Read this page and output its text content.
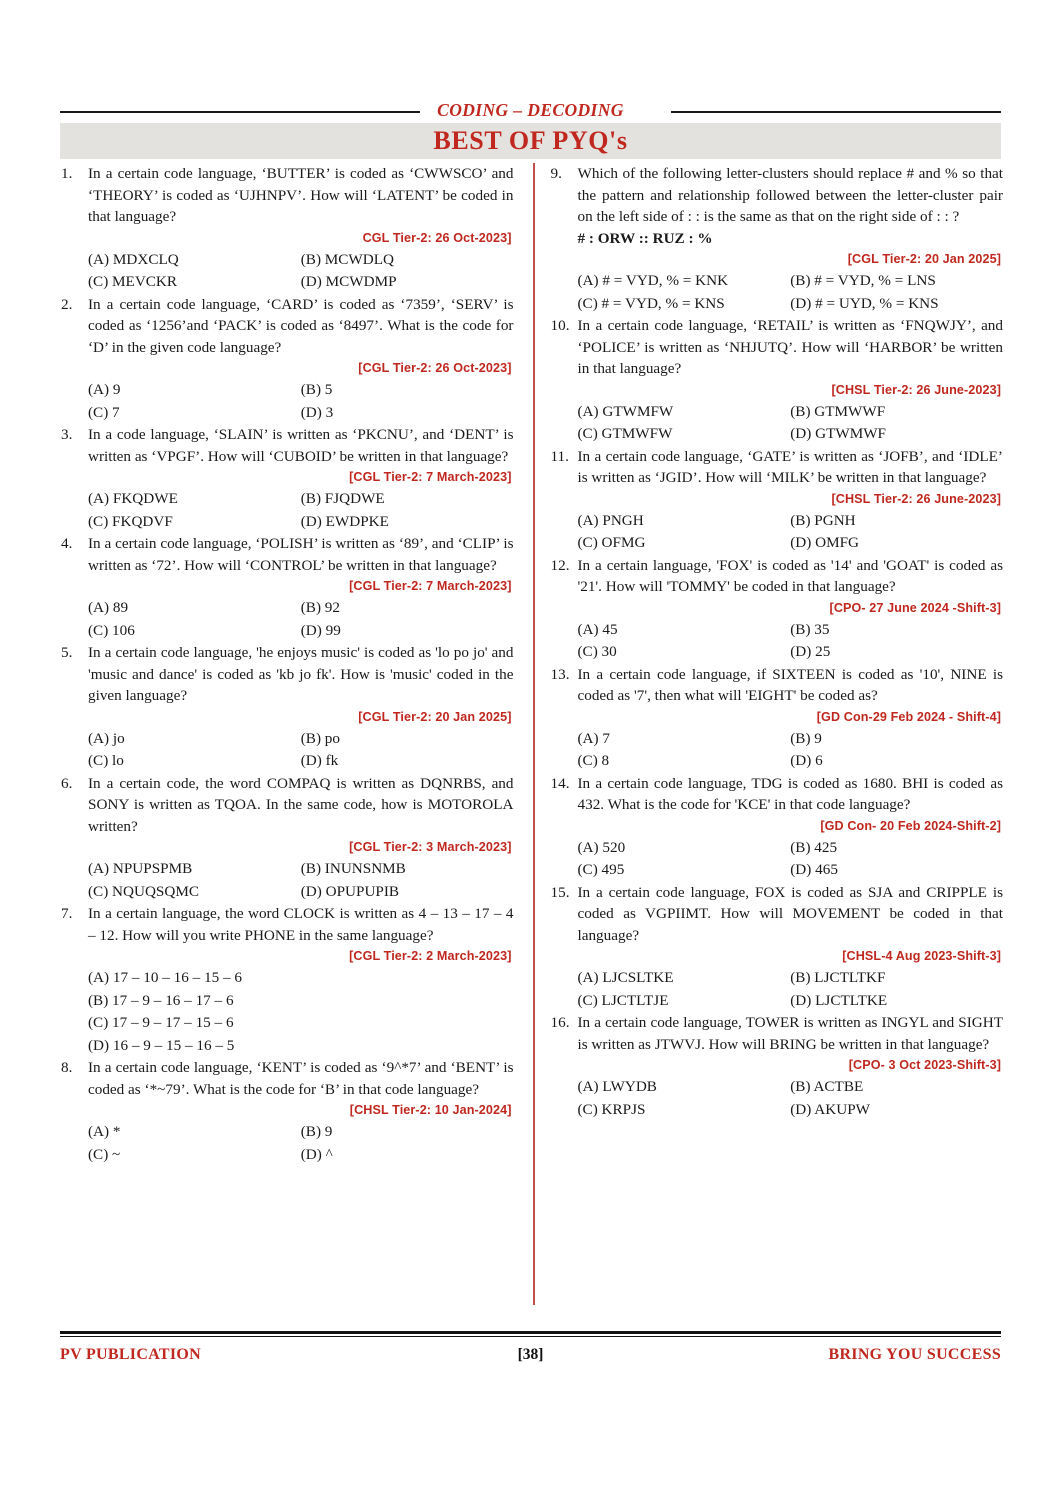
CODING – DECODING
BEST OF PYQ's
1.	In a certain code language, ‘BUTTER’ is coded as ‘CWWSCO’ and ‘THEORY’ is coded as ‘UJHNPV’. How will ‘LATENT’ be coded in that language?

CGL Tier-2: 26 Oct-2023]

(A) MDXCLQ	(B) MCWDLQ
(C) MEVCKR	(D) MCWDMP
2.	In a certain code language, ‘CARD’ is coded as ‘7359’, ‘SERV’ is coded as ‘1256’and ‘PACK’ is coded as ‘8497’. What is the code for ‘D’ in the given code language?

[CGL Tier-2: 26 Oct-2023]

(A) 9	(B) 5
(C) 7	(D) 3
3.	In a code language, ‘SLAIN’ is written as ‘PKCNU’, and ‘DENT’ is written as ‘VPGF’. How will ‘CUBOID’ be written in that language?

[CGL Tier-2: 7 March-2023]

(A) FKQDWE	(B) FJQDWE
(C) FKQDVF	(D) EWDPKE
4.	In a certain code language, ‘POLISH’ is written as ‘89’, and ‘CLIP’ is written as ‘72’. How will ‘CONTROL’ be written in that language?

[CGL Tier-2: 7 March-2023]

(A) 89	(B) 92
(C) 106	(D) 99
5.	In a certain code language, 'he enjoys music' is coded as 'lo po jo' and 'music and dance' is coded as 'kb jo fk'. How is 'music' coded in the given language?

[CGL Tier-2: 20 Jan 2025]

(A) jo	(B) po
(C) lo	(D) fk
6.	In a certain code, the word COMPAQ is written as DQNRBS, and SONY is written as TQOA. In the same code, how is MOTOROLA written?

[CGL Tier-2: 3 March-2023]

(A) NPUPSPMB	(B) INUNSNMB
(C) NQUQSQMC	(D) OPUPUPIB
7.	In a certain language, the word CLOCK is written as 4 – 13 – 17 – 4 – 12. How will you write PHONE in the same language?

[CGL Tier-2: 2 March-2023]

(A) 17 – 10 – 16 – 15 – 6
(B) 17 – 9 – 16 – 17 – 6
(C) 17 – 9 – 17 – 15 – 6
(D) 16 – 9 – 15 – 16 – 5
8.	In a certain code language, ‘KENT’ is coded as ‘9^*7’ and ‘BENT’ is coded as ‘*~79’. What is the code for ‘B’ in that code language?

[CHSL Tier-2: 10 Jan-2024]

(A) *	(B) 9
(C) ~	(D) ^
9.	Which of the following letter-clusters should replace # and % so that the pattern and relationship followed between the letter-cluster pair on the left side of : : is the same as that on the right side of : : ?

# : ORW :: RUZ : %

[CGL Tier-2: 20 Jan 2025]

(A) # = VYD, % = KNK	(B) # = VYD, % = LNS
(C) # = VYD, % = KNS	(D) # = UYD, % = KNS
10. In a certain code language, ‘RETAIL’ is written as ‘FNQWJY’, and ‘POLICE’ is written as ‘NHJUTQ’. How will ‘HARBOR’ be written in that language?

[CHSL Tier-2: 26 June-2023]

(A) GTWMFW	(B) GTMWWF
(C) GTMWFW	(D) GTWMWF
11. In a certain code language, ‘GATE’ is written as ‘JOFB’, and ‘IDLE’ is written as ‘JGID’. How will ‘MILK’ be written in that language?

[CHSL Tier-2: 26 June-2023]

(A) PNGH	(B) PGNH
(C) OFMG	(D) OMFG
12. In a certain language, 'FOX' is coded as '14' and 'GOAT' is coded as '21'. How will 'TOMMY' be coded in that language?

[CPO- 27 June 2024 -Shift-3]

(A) 45	(B) 35
(C) 30	(D) 25
13. In a certain code language, if SIXTEEN is coded as '10', NINE is coded as '7', then what will 'EIGHT' be coded as?

[GD Con-29 Feb 2024 - Shift-4]

(A) 7	(B) 9
(C) 8	(D) 6
14. In a certain code language, TDG is coded as 1680. BHI is coded as 432. What is the code for 'KCE' in that code language?

[GD Con- 20 Feb 2024-Shift-2]

(A) 520	(B) 425
(C) 495	(D) 465
15. In a certain code language, FOX is coded as SJA and CRIPPLE is coded as VGPIIMT. How will MOVEMENT be coded in that language?

[CHSL-4 Aug 2023-Shift-3]

(A) LJCSLTKE	(B) LJCTLTKF
(C) LJCTLTJE	(D) LJCTLTKE
16. In a certain code language, TOWER is written as INGYL and SIGHT is written as JTWVJ. How will BRING be written in that language?

[CPO- 3 Oct 2023-Shift-3]

(A) LWYDB	(B) ACTBE
(C) KRPJS	(D) AKUPW
PV PUBLICATION	[38]	BRING YOU SUCCESS
